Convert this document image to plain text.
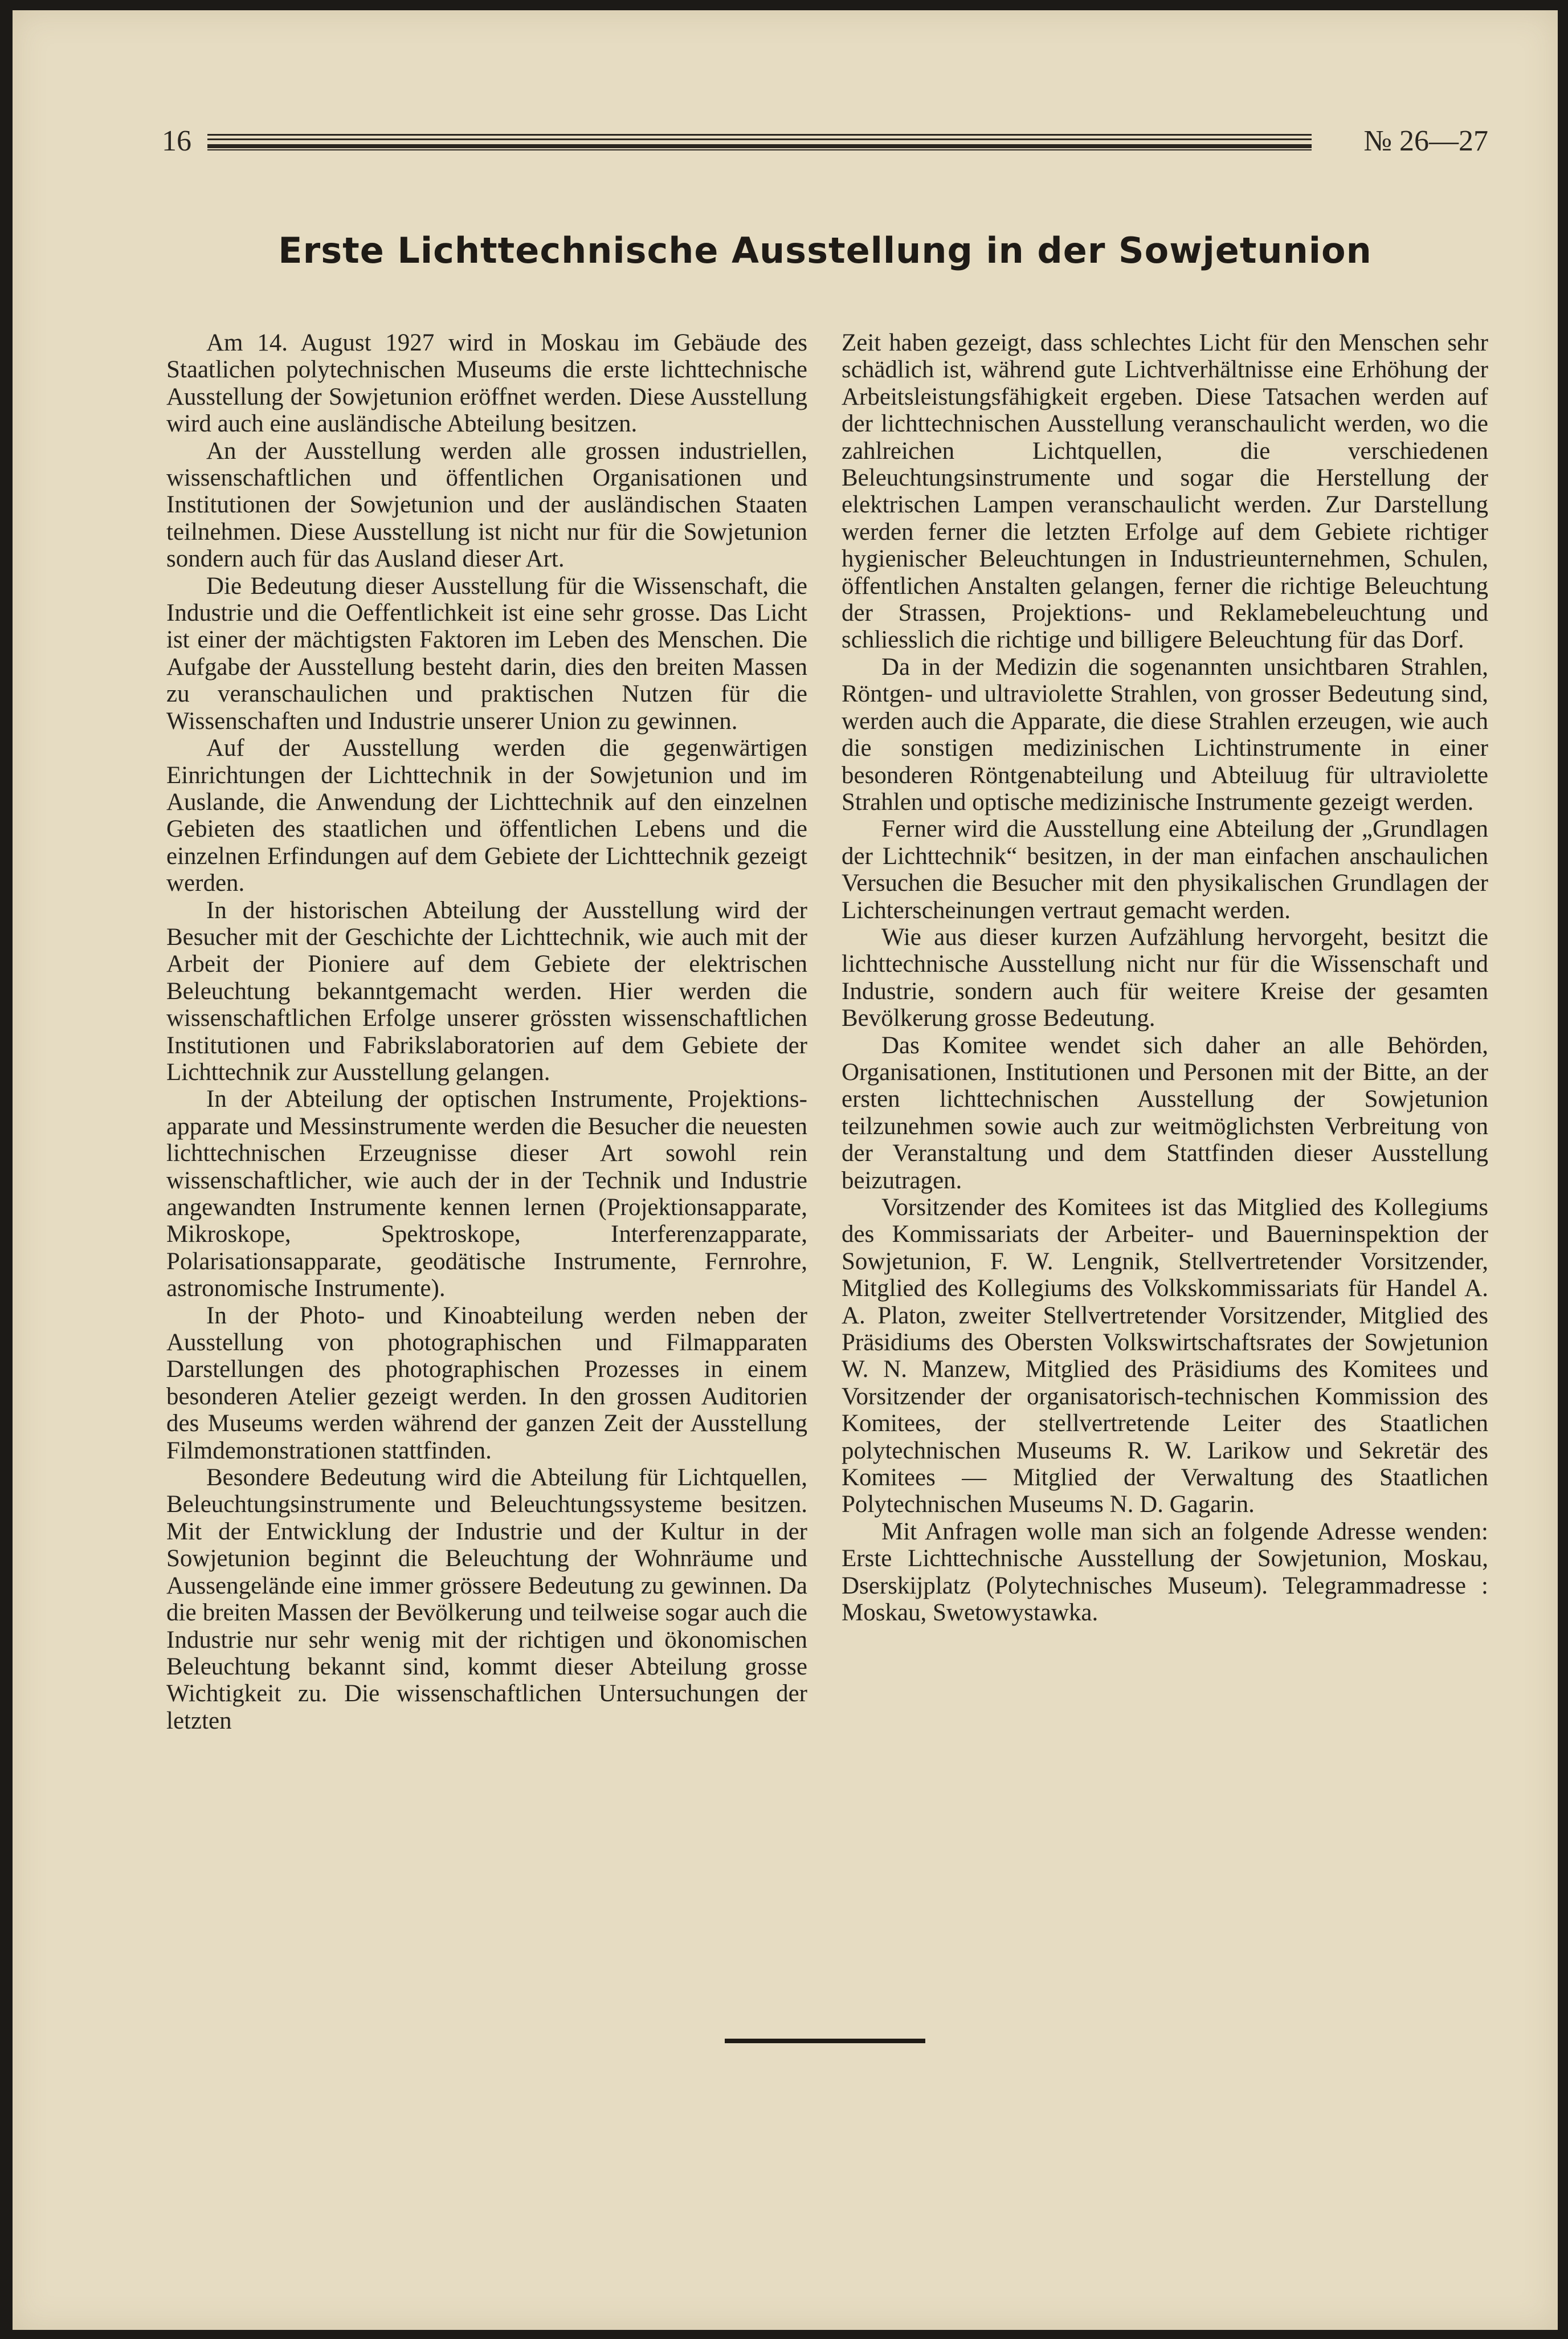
16	№ 26—27
Erste Lichttechnische Ausstellung in der Sowjetunion

Am 14. August 1927 wird in Moskau im Gebäude des Staatlichen polytechnischen Museums die erste lichttechnische Ausstellung der Sowjetunion eröffnet werden. Diese Ausstellung wird auch eine ausländische Abteilung besitzen.

An der Ausstellung werden alle grossen industriellen, wissenschaftlichen und öffentlichen Organisationen und Institutionen der Sowjetunion und der ausländischen Staaten teilnehmen. Diese Ausstellung ist nicht nur für die Sowjetunion sondern auch für das Ausland dieser Art.

Die Bedeutung dieser Ausstellung für die Wissenschaft, die Industrie und die Oeffentlichkeit ist eine sehr grosse. Das Licht ist einer der mächtigsten Faktoren im Leben des Menschen. Die Aufgabe der Ausstellung besteht darin, dies den breiten Massen zu veranschaulichen und praktischen Nutzen für die Wissenschaften und Industrie unserer Union zu gewinnen.

Auf der Ausstellung werden die gegenwärtigen Einrichtungen der Lichttechnik in der Sowjetunion und im Auslande, die Anwendung der Lichttechnik auf den einzelnen Gebieten des staatlichen und öffentlichen Lebens und die einzelnen Erfindungen auf dem Gebiete der Lichttechnik gezeigt werden.

In der historischen Abteilung der Ausstellung wird der Besucher mit der Geschichte der Lichttechnik, wie auch mit der Arbeit der Pioniere auf dem Gebiete der elektrischen Beleuchtung bekanntgemacht werden. Hier werden die wissenschaftlichen Erfolge unserer grössten wissenschaftlichen Institutionen und Fabrikslaboratorien auf dem Gebiete der Lichttechnik zur Ausstellung gelangen.

In der Abteilung der optischen Instrumente, Projektions-apparate und Messinstrumente werden die Besucher die neuesten lichttechnischen Erzeugnisse dieser Art sowohl rein wissenschaftlicher, wie auch der in der Technik und Industrie angewandten Instrumente kennen lernen (Projektionsapparate, Mikroskope, Spektroskope, Interferenzapparate, Polarisationsapparate, geodätische Instrumente, Fernrohre, astronomische Instrumente).

In der Photo- und Kinoabteilung werden neben der Ausstellung von photographischen und Filmapparaten Darstellungen des photographischen Prozesses in einem besonderen Atelier gezeigt werden. In den grossen Auditorien des Museums werden während der ganzen Zeit der Ausstellung Filmdemonstrationen stattfinden.

Besondere Bedeutung wird die Abteilung für Lichtquellen, Beleuchtungsinstrumente und Beleuchtungssysteme besitzen. Mit der Entwicklung der Industrie und der Kultur in der Sowjetunion beginnt die Beleuchtung der Wohnräume und Aussengelände eine immer grössere Bedeutung zu gewinnen. Da die breiten Massen der Bevölkerung und teilweise sogar auch die Industrie nur sehr wenig mit der richtigen und ökonomischen Beleuchtung bekannt sind, kommt dieser Abteilung grosse Wichtigkeit zu. Die wissenschaftlichen Untersuchungen der letzten

Zeit haben gezeigt, dass schlechtes Licht für den Menschen sehr schädlich ist, während gute Lichtverhältnisse eine Erhöhung der Arbeitsleistungsfähigkeit ergeben. Diese Tatsachen werden auf der lichttechnischen Ausstellung veranschaulicht werden, wo die zahlreichen Lichtquellen, die verschiedenen Beleuchtungsinstrumente und sogar die Herstellung der elektrischen Lampen veranschaulicht werden. Zur Darstellung werden ferner die letzten Erfolge auf dem Gebiete richtiger hygienischer Beleuchtungen in Industrieunternehmen, Schulen, öffentlichen Anstalten gelangen, ferner die richtige Beleuchtung der Strassen, Projektions- und Reklamebeleuchtung und schliesslich die richtige und billigere Beleuchtung für das Dorf.

Da in der Medizin die sogenannten unsichtbaren Strahlen, Röntgen- und ultraviolette Strahlen, von grosser Bedeutung sind, werden auch die Apparate, die diese Strahlen erzeugen, wie auch die sonstigen medizinischen Lichtinstrumente in einer besonderen Röntgenabteilung und Abteiluug für ultraviolette Strahlen und optische medizinische Instrumente gezeigt werden.

Ferner wird die Ausstellung eine Abteilung der „Grundlagen der Lichttechnik“ besitzen, in der man einfachen anschaulichen Versuchen die Besucher mit den physikalischen Grundlagen der Lichterscheinungen vertraut gemacht werden.

Wie aus dieser kurzen Aufzählung hervorgeht, besitzt die lichttechnische Ausstellung nicht nur für die Wissenschaft und Industrie, sondern auch für weitere Kreise der gesamten Bevölkerung grosse Bedeutung.

Das Komitee wendet sich daher an alle Behörden, Organisationen, Institutionen und Personen mit der Bitte, an der ersten lichttechnischen Ausstellung der Sowjetunion teilzunehmen sowie auch zur weitmöglichsten Verbreitung von der Veranstaltung und dem Stattfinden dieser Ausstellung beizutragen.

Vorsitzender des Komitees ist das Mitglied des Kollegiums des Kommissariats der Arbeiter- und Bauerninspektion der Sowjetunion, F. W. Lengnik, Stellvertretender Vorsitzender, Mitglied des Kollegiums des Volkskommissariats für Handel A. A. Platon, zweiter Stellvertretender Vorsitzender, Mitglied des Präsidiums des Obersten Volkswirtschaftsrates der Sowjetunion W. N. Manzew, Mitglied des Präsidiums des Komitees und Vorsitzender der organisatorisch-technischen Kommission des Komitees, der stellvertretende Leiter des Staatlichen polytechnischen Museums R. W. Larikow und Sekretär des Komitees — Mitglied der Verwaltung des Staatlichen Polytechnischen Museums N. D. Gagarin.

Mit Anfragen wolle man sich an folgende Adresse wenden: Erste Lichttechnische Ausstellung der Sowjetunion, Moskau, Dserskijplatz (Polytechnisches Museum). Telegrammadresse : Moskau, Swetowystawka.
